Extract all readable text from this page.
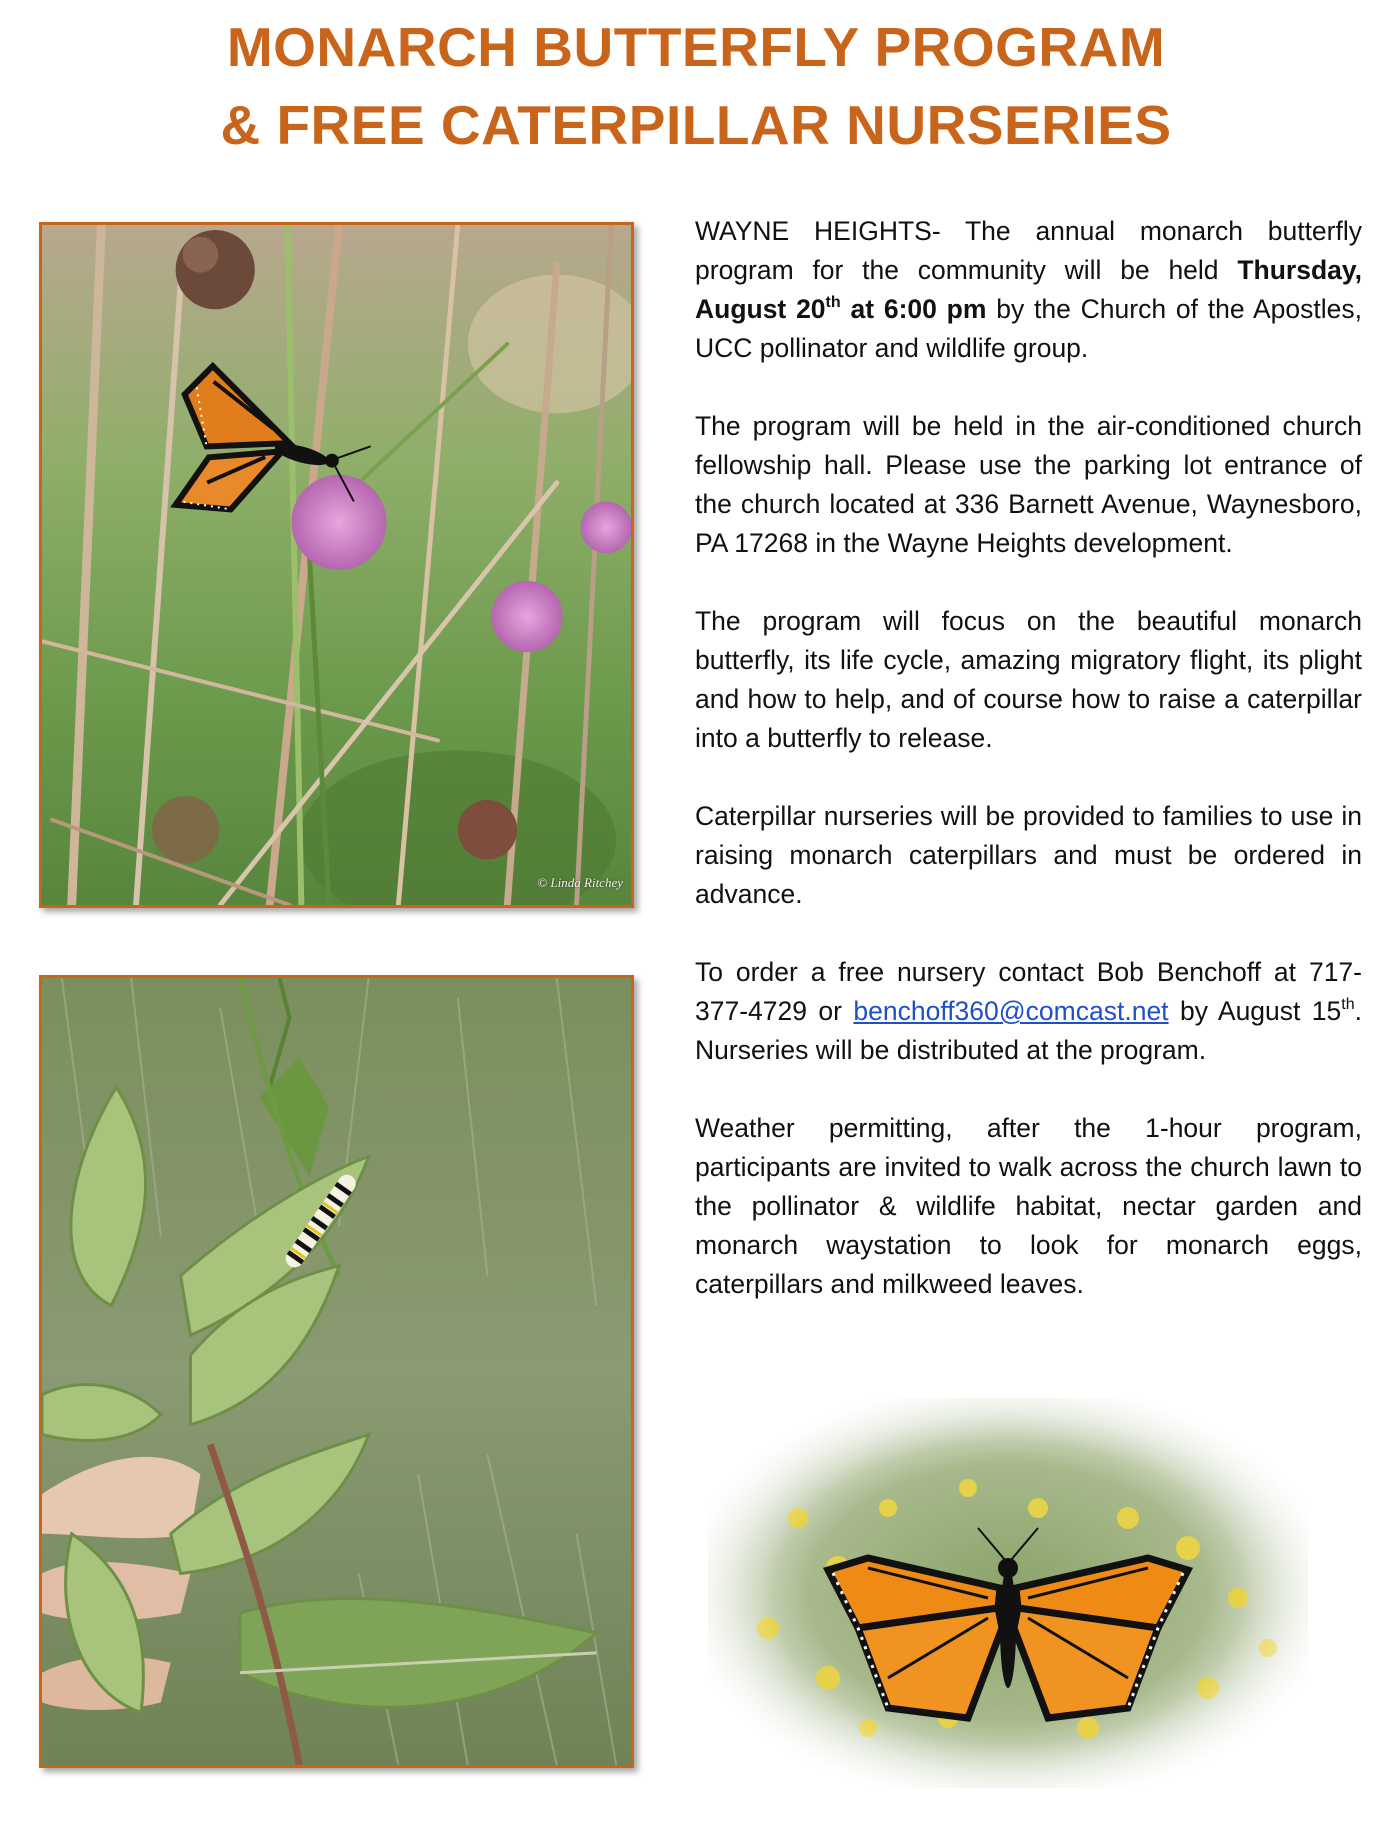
MONARCH BUTTERFLY PROGRAM
& FREE CATERPILLAR NURSERIES
© Linda Ritchey

WAYNE HEIGHTS- The annual monarch butterfly program for the community will be held Thursday, August 20th at 6:00 pm by the Church of the Apostles, UCC pollinator and wildlife group.

The program will be held in the air-conditioned church fellowship hall. Please use the parking lot entrance of the church located at 336 Barnett Avenue, Waynesboro, PA 17268 in the Wayne Heights development.

The program will focus on the beautiful monarch butterfly, its life cycle, amazing migratory flight, its plight and how to help, and of course how to raise a caterpillar into a butterfly to release.

Caterpillar nurseries will be provided to families to use in raising monarch caterpillars and must be ordered in advance.

To order a free nursery contact Bob Benchoff at 717-377-4729 or benchoff360@comcast.net by August 15th. Nurseries will be distributed at the program.

Weather permitting, after the 1-hour program, participants are invited to walk across the church lawn to the pollinator & wildlife habitat, nectar garden and monarch waystation to look for monarch eggs, caterpillars and milkweed leaves.
